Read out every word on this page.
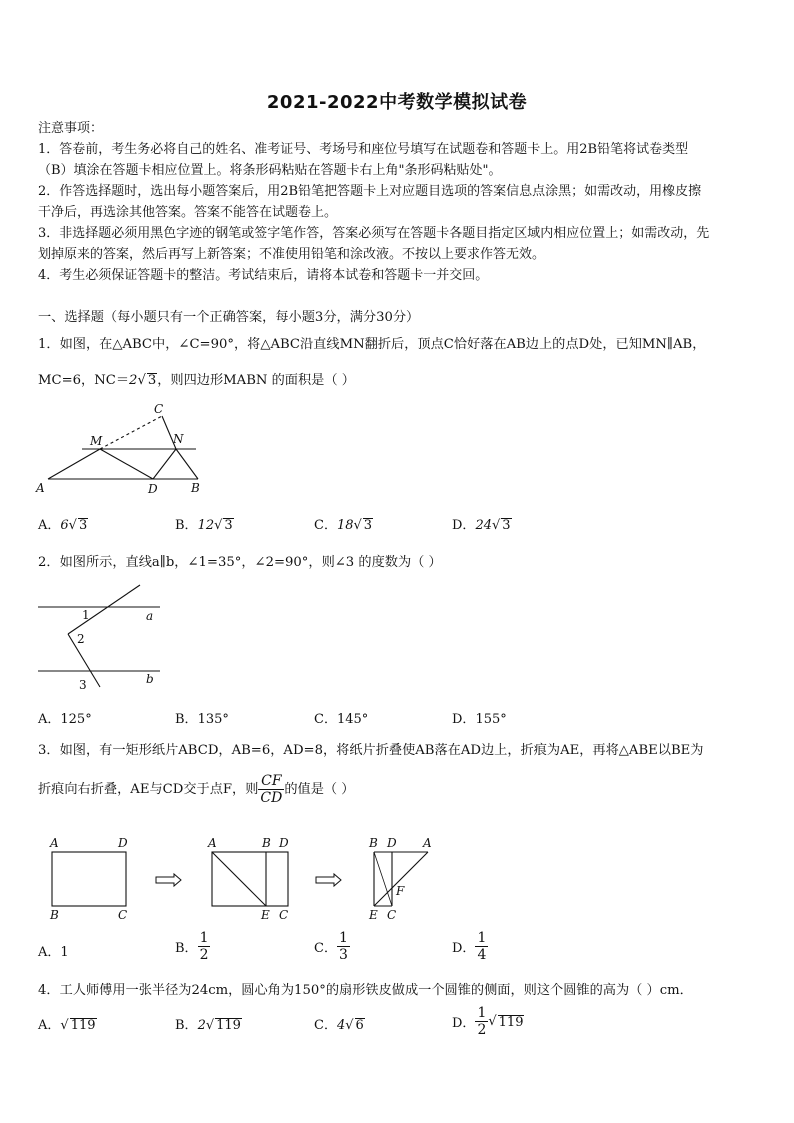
2021-2022中考数学模拟试卷
注意事项：
1．答卷前，考生务必将自己的姓名、准考证号、考场号和座位号填写在试题卷和答题卡上。用2B铅笔将试卷类型
（B）填涂在答题卡相应位置上。将条形码粘贴在答题卡右上角"条形码粘贴处"。
2．作答选择题时，选出每小题答案后，用2B铅笔把答题卡上对应题目选项的答案信息点涂黑；如需改动，用橡皮擦
干净后，再选涂其他答案。答案不能答在试题卷上。
3．非选择题必须用黑色字迹的钢笔或签字笔作答，答案必须写在答题卡各题目指定区域内相应位置上；如需改动，先
划掉原来的答案，然后再写上新答案；不准使用铅笔和涂改液。不按以上要求作答无效。
4．考生必须保证答题卡的整洁。考试结束后，请将本试卷和答题卡一并交回。
一、选择题（每小题只有一个正确答案，每小题3分，满分30分）
1．如图，在△ABC中，∠C=90°，将△ABC沿直线MN翻折后，顶点C恰好落在AB边上的点D处，已知MN∥AB，
MC=6，NC＝2√ 3，则四边形MABN 的面积是（ ）
A	B
C
D
M	N
A．6√ 3	B．12√ 3	C．18√ 3	D．24√ 3
2．如图所示，直线a∥b，∠1=35°，∠2=90°，则∠3 的度数为（ ）
1
2
3
a
b
A．125°	B．135°	C．145°	D．155°
3．如图，有一矩形纸片ABCD，AB=6，AD=8，将纸片折叠使AB落在AD边上，折痕为AE，再将△ABE以BE为
折痕向右折叠，AE与CD交于点F，则 $\frac{CF}{CD}$ 的值是（ ）
A	D
B	C
A	B D
E C
B D A
E C
F
A．1	B． $\frac{1}{2}$	C． $\frac{1}{3}$	D． $\frac{1}{4}$
4．工人师傅用一张半径为24cm，圆心角为150°的扇形铁皮做成一个圆锥的侧面，则这个圆锥的高为（ ）cm．
A．√ 119	B．2√ 119	C．4√ 6	D． $\frac{1}{2}$ √ 119
